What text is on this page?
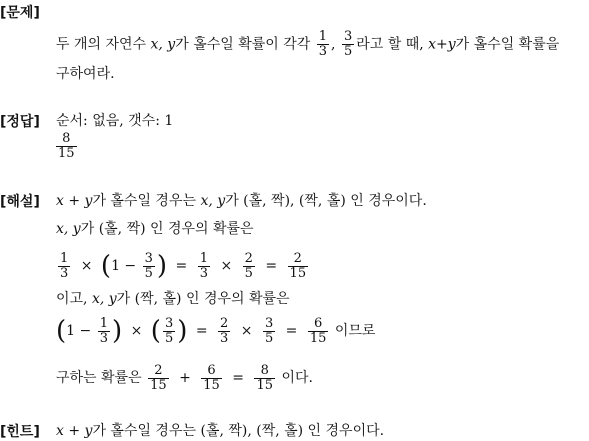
[문제]
[정답]
[해설]
[힌트]
두 개의 자연수 x, y가 홀수일 확률이 각각 $\frac{1}{3}$ , $\frac{3}{5}$ 라고 할 때, x+y가 홀수일 확률을
구하여라.
순서: 없음, 갯수: 1
$\frac{8}{15}$
x + y가 홀수일 경우는 x, y가 (홀, 짝), (짝, 홀) 인 경우이다.
x, y가 (홀, 짝) 인 경우의 확률은
$\frac{1}{3} \times (1 - \frac{3}{5}$ ) = $\frac{1}{3} \times \frac{2}{5} = \frac{2}{15}$
이고, x, y가 (짝, 홀) 인 경우의 확률은
($1 - \frac{1}{3}$ ) × ( $\frac{3}{5}$ ) = $\frac{2}{3} \times \frac{3}{5} = \frac{6}{15}$ 이므로
구하는 확률은 $\frac{2}{15} + \frac{6}{15} = \frac{8}{15}$ 이다.
x + y가 홀수일 경우는 (홀, 짝), (짝, 홀) 인 경우이다.
